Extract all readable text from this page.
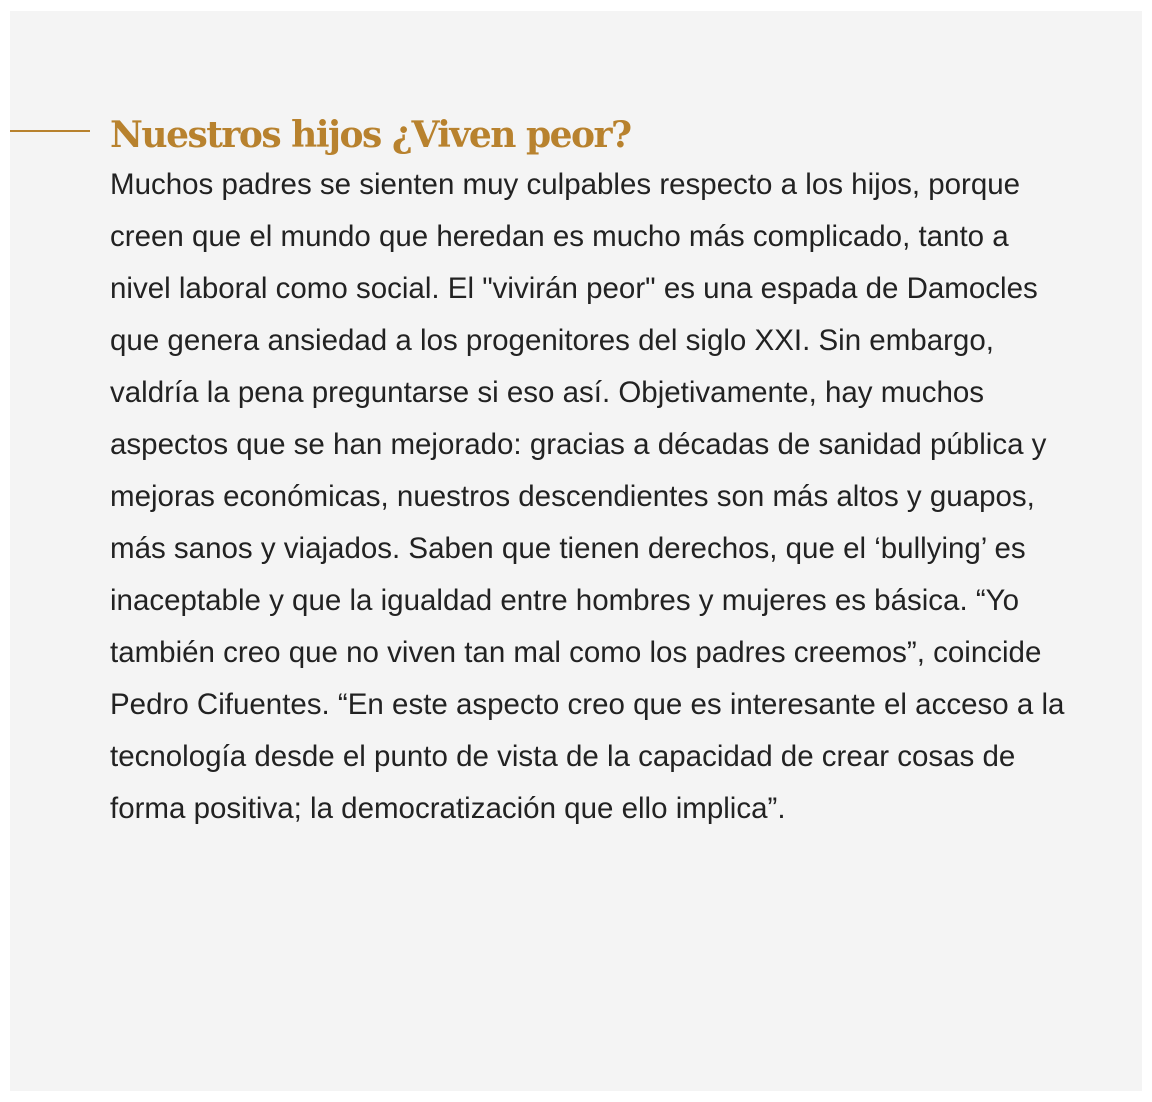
Nuestros hijos ¿Viven peor?

Muchos padres se sienten muy culpables respecto a los hijos, porque creen que el mundo que heredan es mucho más complicado, tanto a nivel laboral como social. El "vivirán peor" es una espada de Damocles que genera ansiedad a los progenitores del siglo XXI. Sin embargo, valdría la pena preguntarse si eso así. Objetivamente, hay muchos aspectos que se han mejorado: gracias a décadas de sanidad pública y mejoras económicas, nuestros descendientes son más altos y guapos, más sanos y viajados. Saben que tienen derechos, que el ‘bullying’ es inaceptable y que la igualdad entre hombres y mujeres es básica. “Yo también creo que no viven tan mal como los padres creemos”, coincide Pedro Cifuentes. “En este aspecto creo que es interesante el acceso a la tecnología desde el punto de vista de la capacidad de crear cosas de forma positiva; la democratización que ello implica”.
